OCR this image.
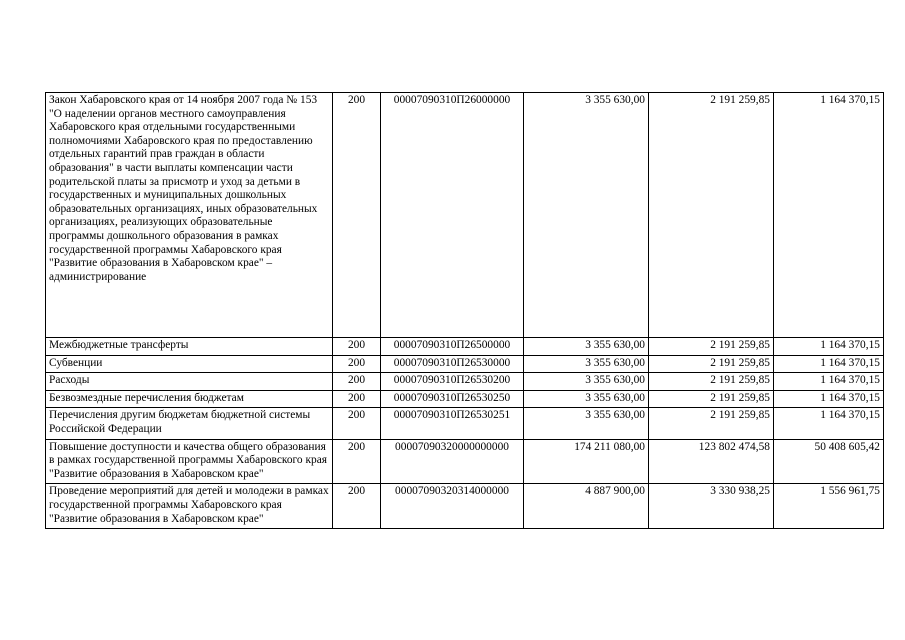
Закон Хабаровского края от 14 ноября 2007 года № 153 "О наделении органов местного самоуправления Хабаровского края отдельными государственными полномочиями Хабаровского края по предоставлению отдельных гарантий прав граждан в области образования" в части выплаты компенсации части родительской платы за присмотр и уход за детьми в государственных и муниципальных дошкольных образовательных организациях, иных образовательных организациях, реализующих образовательные программы дошкольного образования в рамках государственной программы Хабаровского края "Развитие образования в Хабаровском крае" – администрирование	200	00007090310П26000000	3 355 630,00	2 191 259,85	1 164 370,15
Межбюджетные трансферты	200	00007090310П26500000	3 355 630,00	2 191 259,85	1 164 370,15
Субвенции	200	00007090310П26530000	3 355 630,00	2 191 259,85	1 164 370,15
Расходы	200	00007090310П26530200	3 355 630,00	2 191 259,85	1 164 370,15
Безвозмездные перечисления бюджетам	200	00007090310П26530250	3 355 630,00	2 191 259,85	1 164 370,15
Перечисления другим бюджетам бюджетной системы Российской Федерации	200	00007090310П26530251	3 355 630,00	2 191 259,85	1 164 370,15
Повышение доступности и качества общего образования в рамках государственной программы Хабаровского края "Развитие образования в Хабаровском крае"	200	00007090320000000000	174 211 080,00	123 802 474,58	50 408 605,42
Проведение мероприятий для детей и молодежи в рамках государственной программы Хабаровского края "Развитие образования в Хабаровском крае"	200	00007090320314000000	4 887 900,00	3 330 938,25	1 556 961,75
